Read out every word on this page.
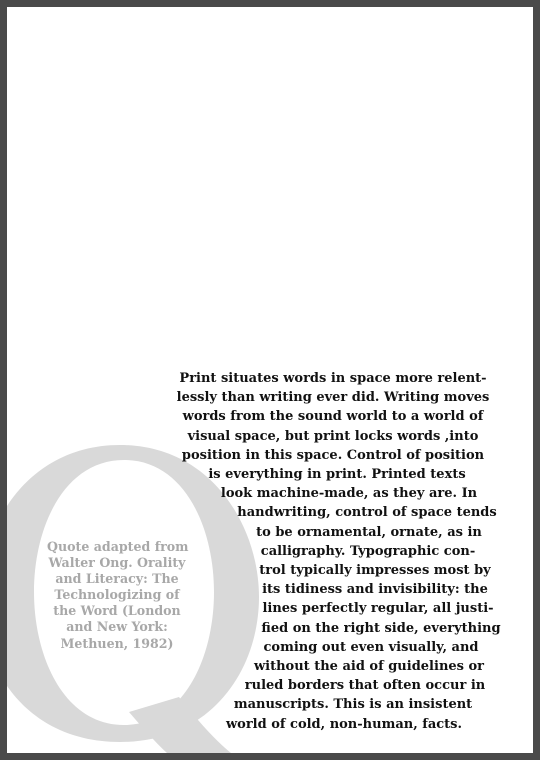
Quote adapted from
Walter Ong. Orality
and Literacy: The
Technologizing of
the Word (London
and New York:
Methuen, 1982)
Print situates words in space more relent-
lessly than writing ever did. Writing moves
words from the sound world to a world of
visual space, but print locks words ,into
position in this space. Control of position
is everything in print. Printed texts
look machine-made, as they are. In
handwriting, control of space tends
to be ornamental, ornate, as in
calligraphy. Typographic con-
trol typically impresses most by
its tidiness and invisibility: the
lines perfectly regular, all justi-
fied on the right side, everything
coming out even visually, and
without the aid of guidelines or
ruled borders that often occur in
manuscripts. This is an insistent
world of cold, non-human, facts.
